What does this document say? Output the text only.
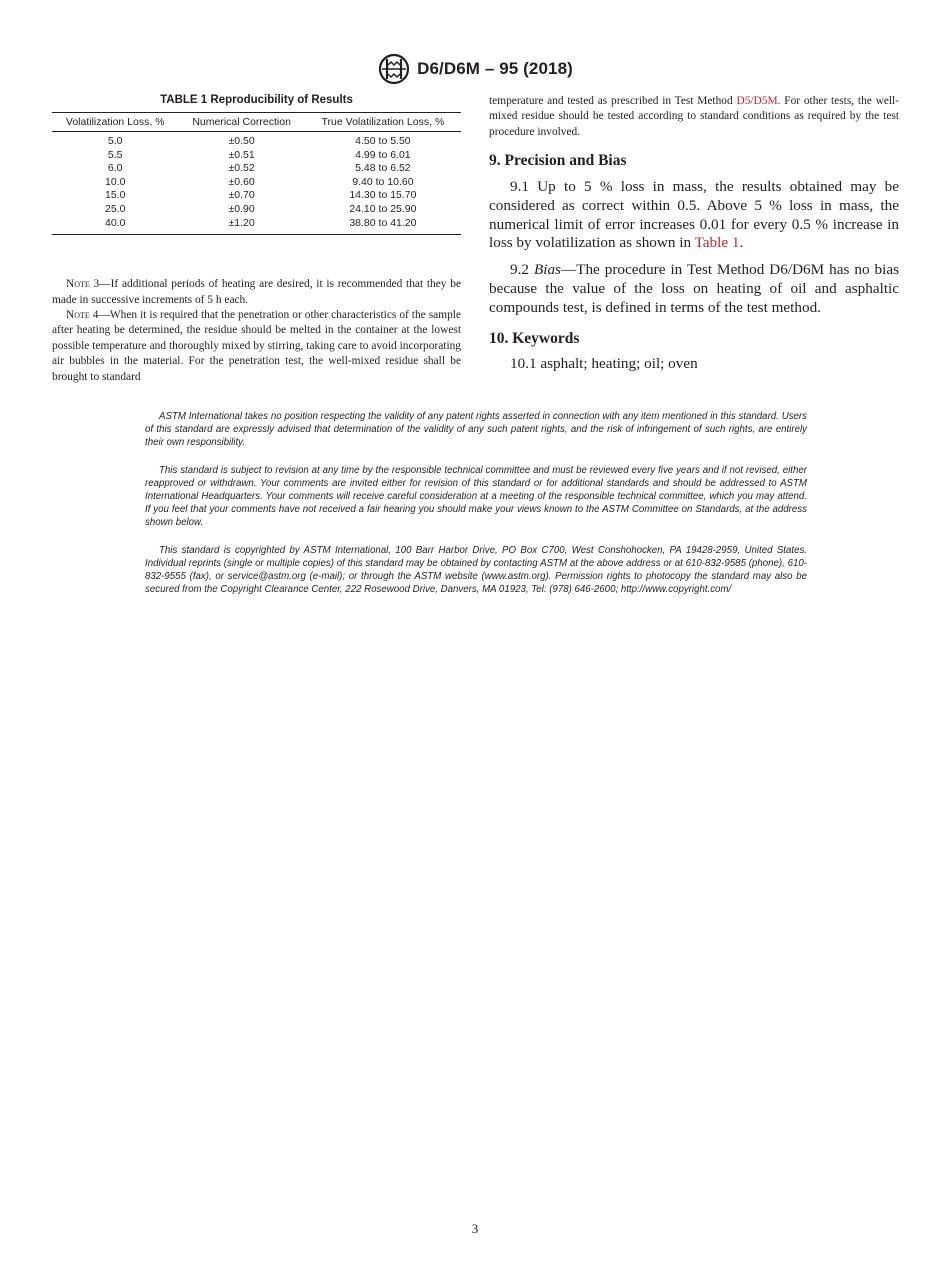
D6/D6M – 95 (2018)
TABLE 1 Reproducibility of Results
Volatilization Loss, %	Numerical Correction	True Volatilization Loss, %
5.0	±0.50	4.50 to 5.50
5.5	±0.51	4.99 to 6.01
6.0	±0.52	5.48 to 6.52
10.0	±0.60	9.40 to 10.60
15.0	±0.70	14.30 to 15.70
25.0	±0.90	24.10 to 25.90
40.0	±1.20	38.80 to 41.20

Note 3—If additional periods of heating are desired, it is recommended that they be made in successive increments of 5 h each.

Note 4—When it is required that the penetration or other characteristics of the sample after heating be determined, the residue should be melted in the container at the lowest possible temperature and thoroughly mixed by stirring, taking care to avoid incorporating air bubbles in the material. For the penetration test, the well-mixed residue shall be brought to standard

temperature and tested as prescribed in Test Method D5/D5M. For other tests, the well-mixed residue should be tested according to standard conditions as required by the test procedure involved.

9. Precision and Bias

9.1 Up to 5 % loss in mass, the results obtained may be considered as correct within 0.5. Above 5 % loss in mass, the numerical limit of error increases 0.01 for every 0.5 % increase in loss by volatilization as shown in Table 1.

9.2 Bias—The procedure in Test Method D6/D6M has no bias because the value of the loss on heating of oil and asphaltic compounds test, is defined in terms of the test method.

10. Keywords

10.1 asphalt; heating; oil; oven

ASTM International takes no position respecting the validity of any patent rights asserted in connection with any item mentioned in this standard. Users of this standard are expressly advised that determination of the validity of any such patent rights, and the risk of infringement of such rights, are entirely their own responsibility.

This standard is subject to revision at any time by the responsible technical committee and must be reviewed every five years and if not revised, either reapproved or withdrawn. Your comments are invited either for revision of this standard or for additional standards and should be addressed to ASTM International Headquarters. Your comments will receive careful consideration at a meeting of the responsible technical committee, which you may attend. If you feel that your comments have not received a fair hearing you should make your views known to the ASTM Committee on Standards, at the address shown below.

This standard is copyrighted by ASTM International, 100 Barr Harbor Drive, PO Box C700, West Conshohocken, PA 19428-2959, United States. Individual reprints (single or multiple copies) of this standard may be obtained by contacting ASTM at the above address or at 610-832-9585 (phone), 610-832-9555 (fax), or service@astm.org (e-mail); or through the ASTM website (www.astm.org). Permission rights to photocopy the standard may also be secured from the Copyright Clearance Center, 222 Rosewood Drive, Danvers, MA 01923, Tel: (978) 646-2600; http://www.copyright.com/

3
